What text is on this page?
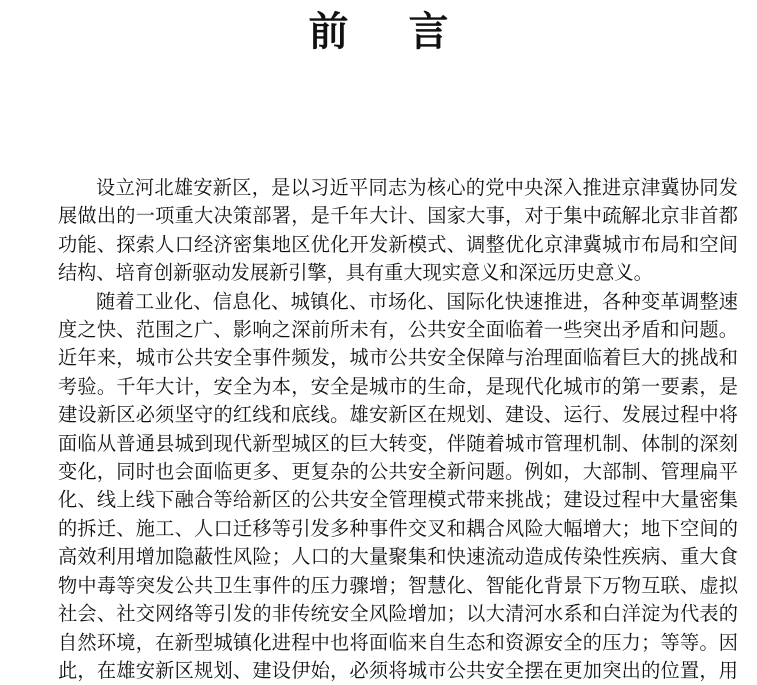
前言

设立河北雄安新区，是以习近平同志为核心的党中央深入推进京津冀协同发展做出的一项重大决策部署，是千年大计、国家大事，对于集中疏解北京非首都功能、探索人口经济密集地区优化开发新模式、调整优化京津冀城市布局和空间结构、培育创新驱动发展新引擎，具有重大现实意义和深远历史意义。

随着工业化、信息化、城镇化、市场化、国际化快速推进，各种变革调整速度之快、范围之广、影响之深前所未有，公共安全面临着一些突出矛盾和问题。近年来，城市公共安全事件频发，城市公共安全保障与治理面临着巨大的挑战和考验。千年大计，安全为本，安全是城市的生命，是现代化城市的第一要素，是建设新区必须坚守的红线和底线。雄安新区在规划、建设、运行、发展过程中将面临从普通县城到现代新型城区的巨大转变，伴随着城市管理机制、体制的深刻变化，同时也会面临更多、更复杂的公共安全新问题。例如，大部制、管理扁平化、线上线下融合等给新区的公共安全管理模式带来挑战；建设过程中大量密集的拆迁、施工、人口迁移等引发多种事件交叉和耦合风险大幅增大；地下空间的高效利用增加隐蔽性风险；人口的大量聚集和快速流动造成传染性疾病、重大食物中毒等突发公共卫生事件的压力骤增；智慧化、智能化背景下万物互联、虚拟社会、社交网络等引发的非传统安全风险增加；以大清河水系和白洋淀为代表的自然环境，在新型城镇化进程中也将面临来自生态和资源安全的压力；等等。因此，在雄安新区规划、建设伊始，必须将城市公共安全摆在更加突出的位置，用
